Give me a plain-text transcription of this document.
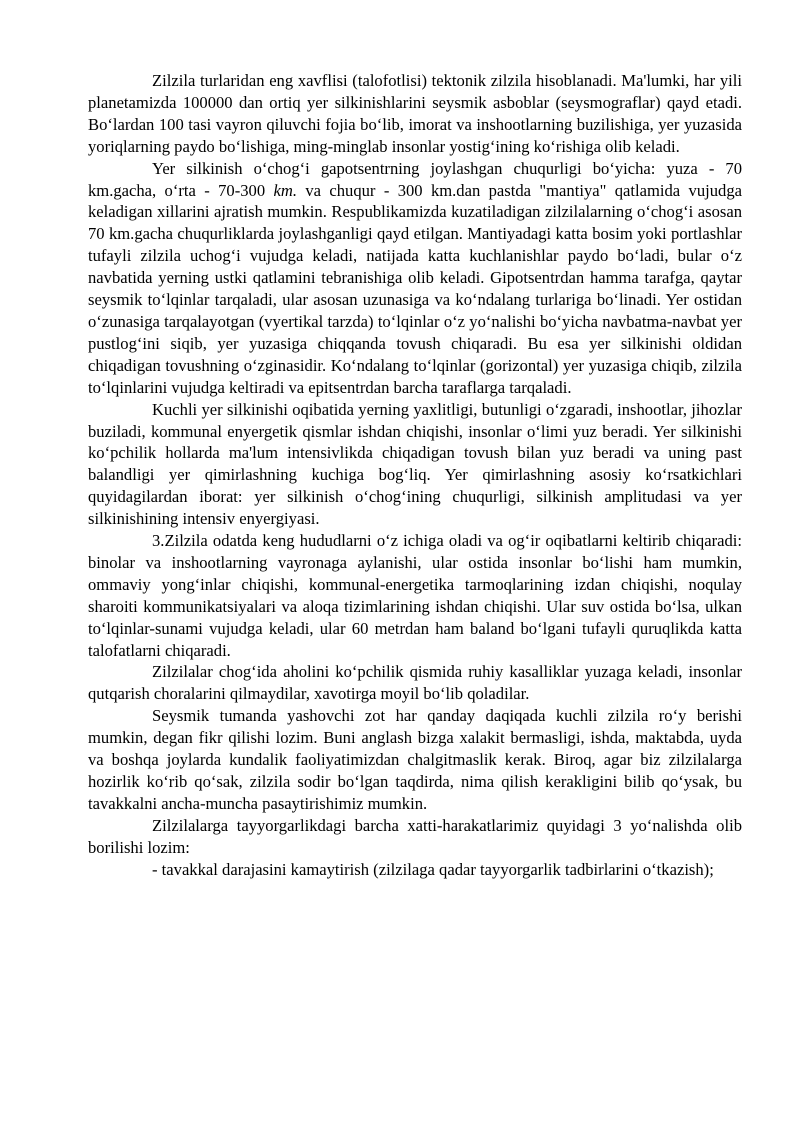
Zilzila turlaridan eng xavflisi (talofotlisi) tektonik zilzila hisoblanadi. Ma'lumki, har yili planetamizda 100000 dan ortiq yer silkinishlarini seysmik asboblar (seysmograflar) qayd etadi. Bo‘lardan 100 tasi vayron qiluvchi fojia bo‘lib, imorat va inshootlarning buzilishiga, yer yuzasida yoriqlarning paydo bo‘lishiga, ming-minglab insonlar yostig‘ining ko‘rishiga olib keladi.

Yer silkinish o‘chog‘i gapotsentrning joylashgan chuqurligi bo‘yicha: yuza - 70 km.gacha, o‘rta - 70-300 km. va chuqur - 300 km.dan pastda "mantiya" qatlamida vujudga keladigan xillarini ajratish mumkin. Respublikamizda kuzatiladigan zilzilalarning o‘chog‘i asosan 70 km.gacha chuqurliklarda joylashganligi qayd etilgan. Mantiyadagi katta bosim yoki portlashlar tufayli zilzila uchog‘i vujudga keladi, natijada katta kuchlanishlar paydo bo‘ladi, bular o‘z navbatida yerning ustki qatlamini tebranishiga olib keladi. Gipotsentrdan hamma tarafga, qaytar seysmik to‘lqinlar tarqaladi, ular asosan uzunasiga va ko‘ndalang turlariga bo‘linadi. Yer ostidan o‘zunasiga tarqalayotgan (vyertikal tarzda) to‘lqinlar o‘z yo‘nalishi bo‘yicha navbatma-navbat yer pustlog‘ini siqib, yer yuzasiga chiqqanda tovush chiqaradi. Bu esa yer silkinishi oldidan chiqadigan tovushning o‘zginasidir. Ko‘ndalang to‘lqinlar (gorizontal) yer yuzasiga chiqib, zilzila to‘lqinlarini vujudga keltiradi va epitsentrdan barcha taraflarga tarqaladi.

Kuchli yer silkinishi oqibatida yerning yaxlitligi, butunligi o‘zgaradi, inshootlar, jihozlar buziladi, kommunal enyergetik qismlar ishdan chiqishi, insonlar o‘limi yuz beradi. Yer silkinishi ko‘pchilik hollarda ma'lum intensivlikda chiqadigan tovush bilan yuz beradi va uning past balandligi yer qimirlashning kuchiga bog‘liq. Yer qimirlashning asosiy ko‘rsatkichlari quyidagilardan iborat: yer silkinish o‘chog‘ining chuqurligi, silkinish amplitudasi va yer silkinishining intensiv enyergiyasi.

3.Zilzila odatda keng hududlarni o‘z ichiga oladi va og‘ir oqibatlarni keltirib chiqaradi: binolar va inshootlarning vayronaga aylanishi, ular ostida insonlar bo‘lishi ham mumkin, ommaviy yong‘inlar chiqishi, kommunal-energetika tarmoqlarining izdan chiqishi, noqulay sharoiti kommunikatsiyalari va aloqa tizimlarining ishdan chiqishi. Ular suv ostida bo‘lsa, ulkan to‘lqinlar-sunami vujudga keladi, ular 60 metrdan ham baland bo‘lgani tufayli quruqlikda katta talofatlarni chiqaradi.

Zilzilalar chog‘ida aholini ko‘pchilik qismida ruhiy kasalliklar yuzaga keladi, insonlar qutqarish choralarini qilmaydilar, xavotirga moyil bo‘lib qoladilar.

Seysmik tumanda yashovchi zot har qanday daqiqada kuchli zilzila ro‘y berishi mumkin, degan fikr qilishi lozim. Buni anglash bizga xalakit bermasligi, ishda, maktabda, uyda va boshqa joylarda kundalik faoliyatimizdan chalgitmaslik kerak. Biroq, agar biz zilzilalarga hozirlik ko‘rib qo‘sak, zilzila sodir bo‘lgan taqdirda, nima qilish kerakligini bilib qo‘ysak, bu tavakkalni ancha-muncha pasaytirishimiz mumkin.

Zilzilalarga tayyorgarlikdagi barcha xatti-harakatlarimiz quyidagi 3 yo‘nalishda olib borilishi lozim:

- tavakkal darajasini kamaytirish (zilzilaga qadar tayyorgarlik tadbirlarini o‘tkazish);
